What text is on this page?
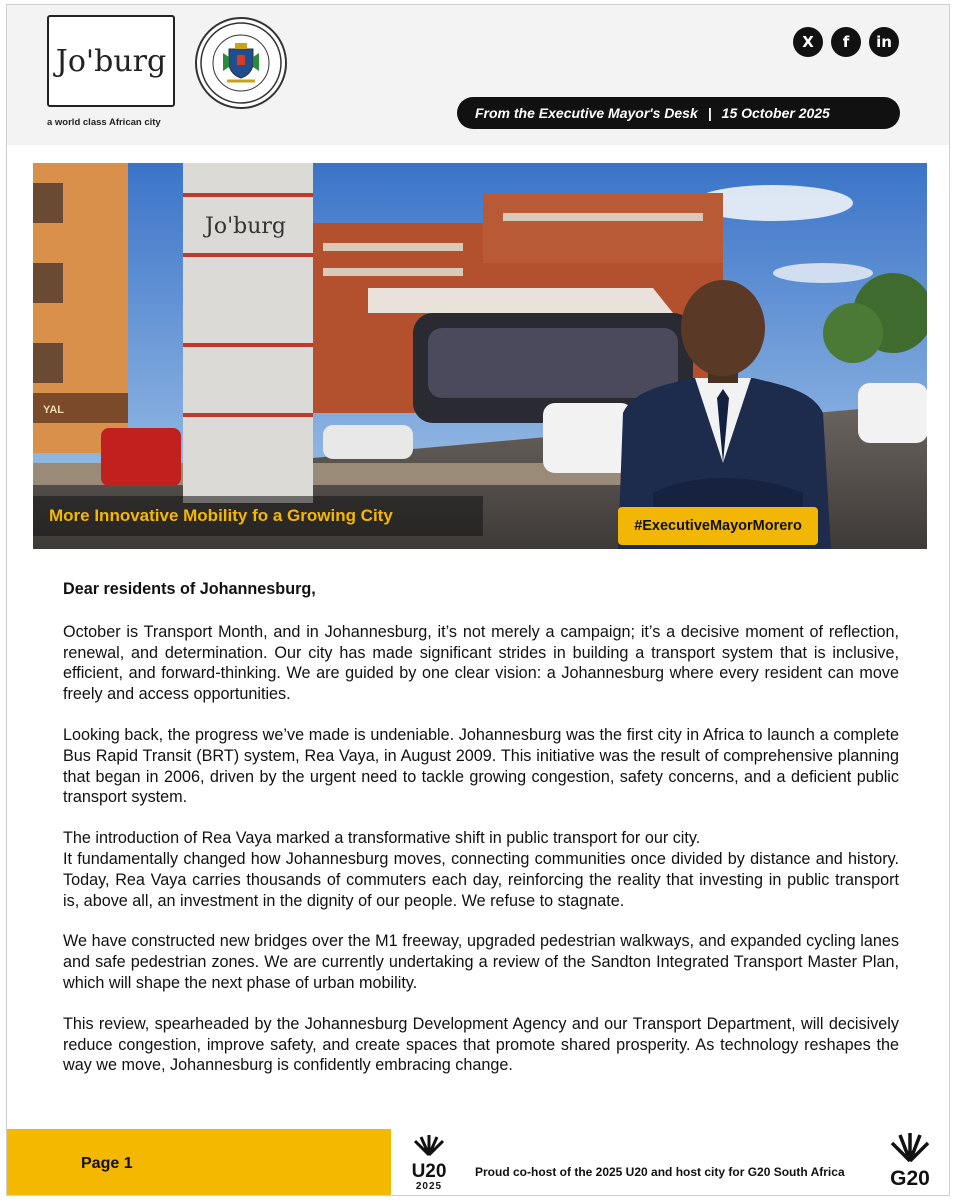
Jo'burg
a world class African city
X	f	in
From the Executive Mayor's Desk | 15 October 2025
YAL
Jo'burg
More Innovative Mobility fo a Growing City
#ExecutiveMayorMorero
Dear residents of Johannesburg,

October is Transport Month, and in Johannesburg, it’s not merely a campaign; it’s a decisive moment of reflection, renewal, and determination. Our city has made significant strides in building a transport system that is inclusive, efficient, and forward-thinking. We are guided by one clear vision: a Johannesburg where every resident can move freely and access opportunities.

Looking back, the progress we’ve made is undeniable. Johannesburg was the first city in Africa to launch a complete Bus Rapid Transit (BRT) system, Rea Vaya, in August 2009. This initiative was the result of comprehensive planning that began in 2006, driven by the urgent need to tackle growing congestion, safety concerns, and a deficient public transport system.

The introduction of Rea Vaya marked a transformative shift in public transport for our city.
It fundamentally changed how Johannesburg moves, connecting communities once divided by distance and history. Today, Rea Vaya carries thousands of commuters each day, reinforcing the reality that investing in public transport is, above all, an investment in the dignity of our people. We refuse to stagnate.

We have constructed new bridges over the M1 freeway, upgraded pedestrian walkways, and expanded cycling lanes and safe pedestrian zones. We are currently undertaking a review of the Sandton Integrated Transport Master Plan, which will shape the next phase of urban mobility.

This review, spearheaded by the Johannesburg Development Agency and our Transport Department, will decisively reduce congestion, improve safety, and create spaces that promote shared prosperity. As technology reshapes the way we move, Johannesburg is confidently embracing change.

Page 1	U20
2025
Proud co-host of the 2025 U20 and host city for G20 South Africa	G20
